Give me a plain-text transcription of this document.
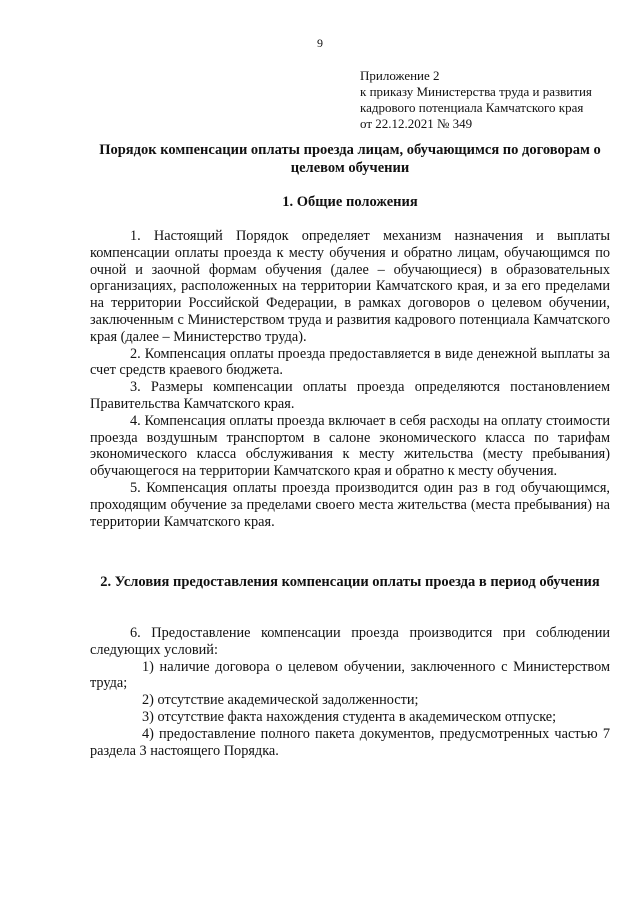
9
Приложение 2
к приказу Министерства труда и развития
кадрового потенциала Камчатского края
от 22.12.2021 № 349
Порядок компенсации оплаты проезда лицам, обучающимся по договорам о целевом обучении
1. Общие положения

1. Настоящий Порядок определяет механизм назначения и выплаты компенсации оплаты проезда к месту обучения и обратно лицам, обучающимся по очной и заочной формам обучения (далее – обучающиеся) в образовательных организациях, расположенных на территории Камчатского края, и за его пределами на территории Российской Федерации, в рамках договоров о целевом обучении, заключенным с Министерством труда и развития кадрового потенциала Камчатского края (далее – Министерство труда).

2. Компенсация оплаты проезда предоставляется в виде денежной выплаты за счет средств краевого бюджета.

3. Размеры компенсации оплаты проезда определяются постановлением Правительства Камчатского края.

4. Компенсация оплаты проезда включает в себя расходы на оплату стоимости проезда воздушным транспортом в салоне экономического класса по тарифам экономического класса обслуживания к месту жительства (месту пребывания) обучающегося на территории Камчатского края и обратно к месту обучения.

5. Компенсация оплаты проезда производится один раз в год обучающимся, проходящим обучение за пределами своего места жительства (места пребывания) на территории Камчатского края.

2. Условия предоставления компенсации оплаты проезда в период обучения

6. Предоставление компенсации проезда производится при соблюдении следующих условий:

1) наличие договора о целевом обучении, заключенного с Министерством труда;

2) отсутствие академической задолженности;

3) отсутствие факта нахождения студента в академическом отпуске;

4) предоставление полного пакета документов, предусмотренных частью 7 раздела 3 настоящего Порядка.
